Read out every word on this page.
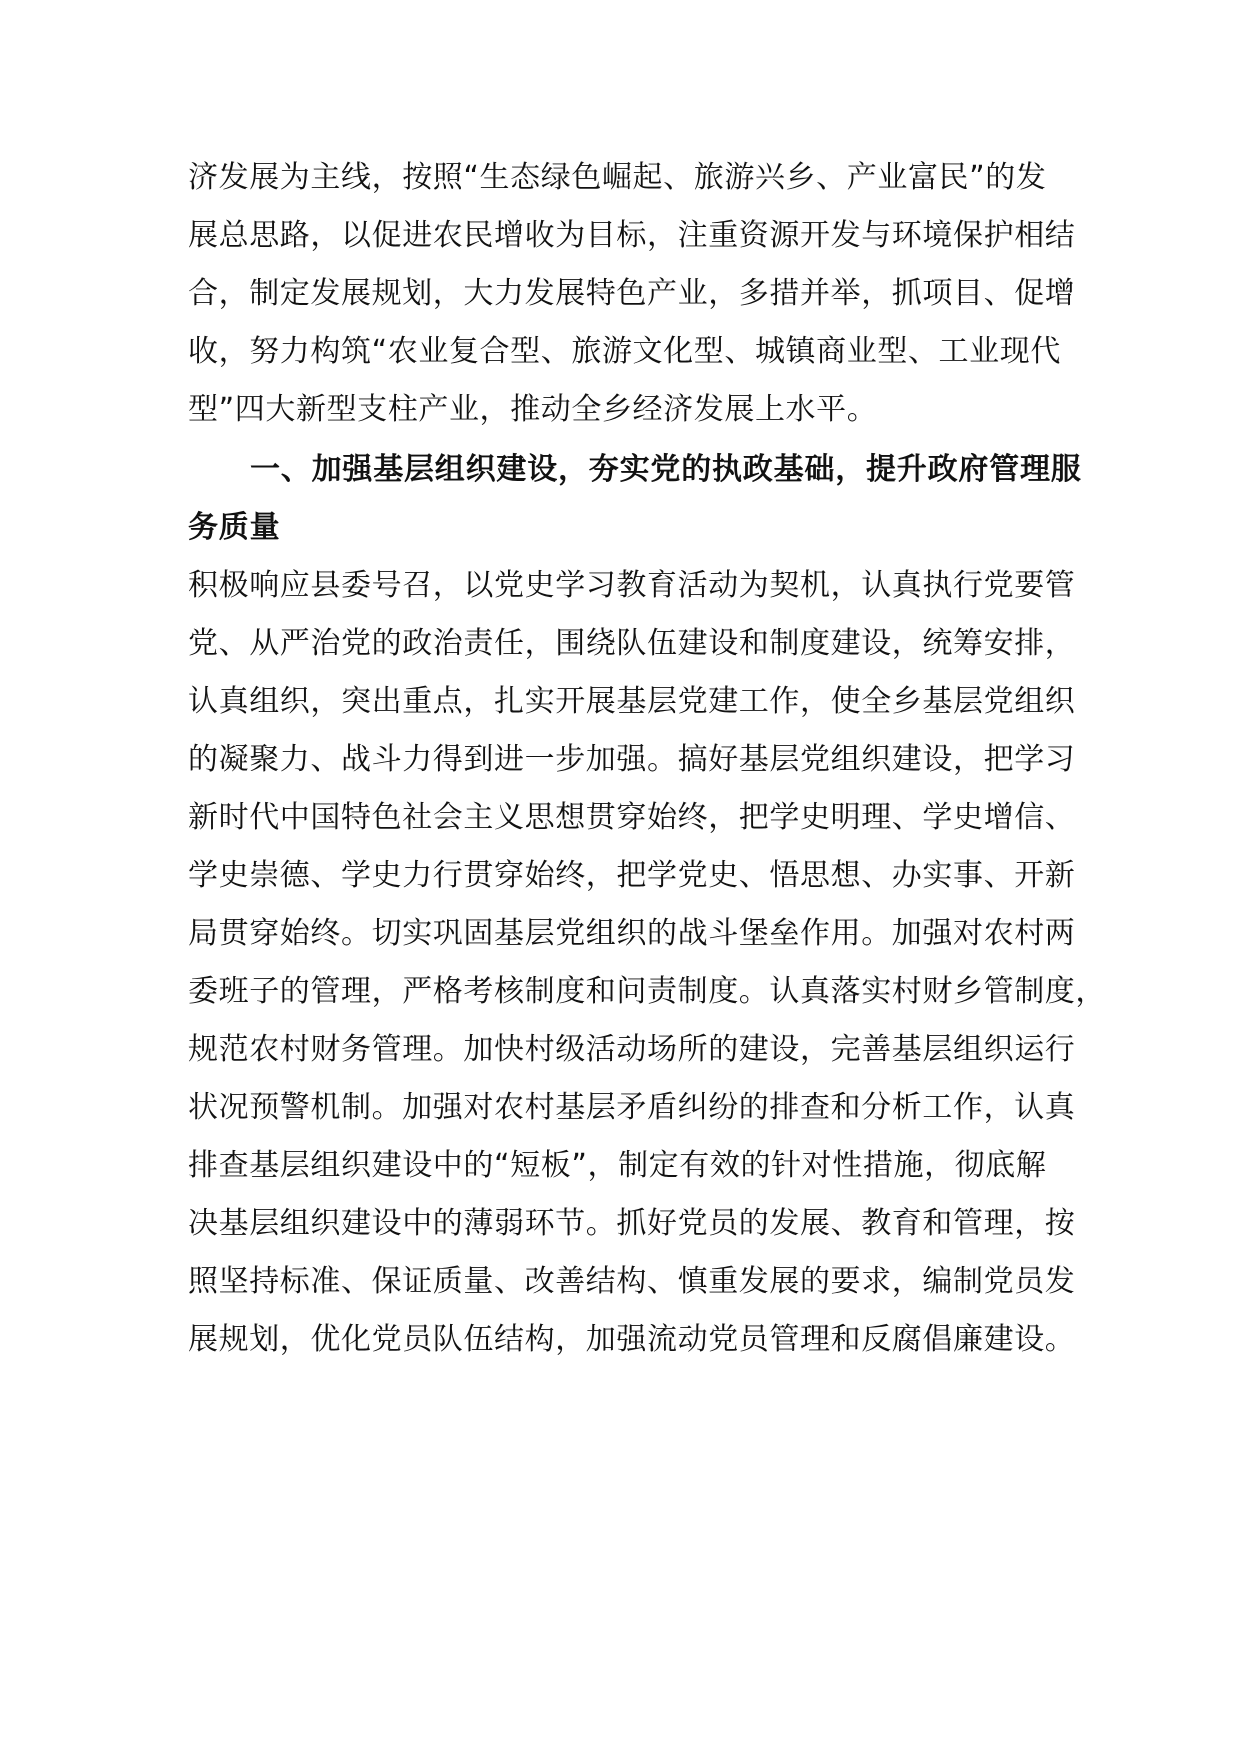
济发展为主线，按照“生态绿色崛起、旅游兴乡、产业富民”的发
展总思路，以促进农民增收为目标，注重资源开发与环境保护相结
合，制定发展规划，大力发展特色产业，多措并举，抓项目、促增
收，努力构筑“农业复合型、旅游文化型、城镇商业型、工业现代
型”四大新型支柱产业，推动全乡经济发展上水平。
一、加强基层组织建设，夯实党的执政基础，提升政府管理服
务质量
积极响应县委号召，以党史学习教育活动为契机，认真执行党要管
党、从严治党的政治责任，围绕队伍建设和制度建设，统筹安排，
认真组织，突出重点，扎实开展基层党建工作，使全乡基层党组织
的凝聚力、战斗力得到进一步加强。搞好基层党组织建设，把学习
新时代中国特色社会主义思想贯穿始终，把学史明理、学史增信、
学史崇德、学史力行贯穿始终，把学党史、悟思想、办实事、开新
局贯穿始终。切实巩固基层党组织的战斗堡垒作用。加强对农村两
委班子的管理，严格考核制度和问责制度。认真落实村财乡管制度，
规范农村财务管理。加快村级活动场所的建设，完善基层组织运行
状况预警机制。加强对农村基层矛盾纠纷的排查和分析工作，认真
排查基层组织建设中的“短板”，制定有效的针对性措施，彻底解
决基层组织建设中的薄弱环节。抓好党员的发展、教育和管理，按
照坚持标准、保证质量、改善结构、慎重发展的要求，编制党员发
展规划，优化党员队伍结构，加强流动党员管理和反腐倡廉建设。
